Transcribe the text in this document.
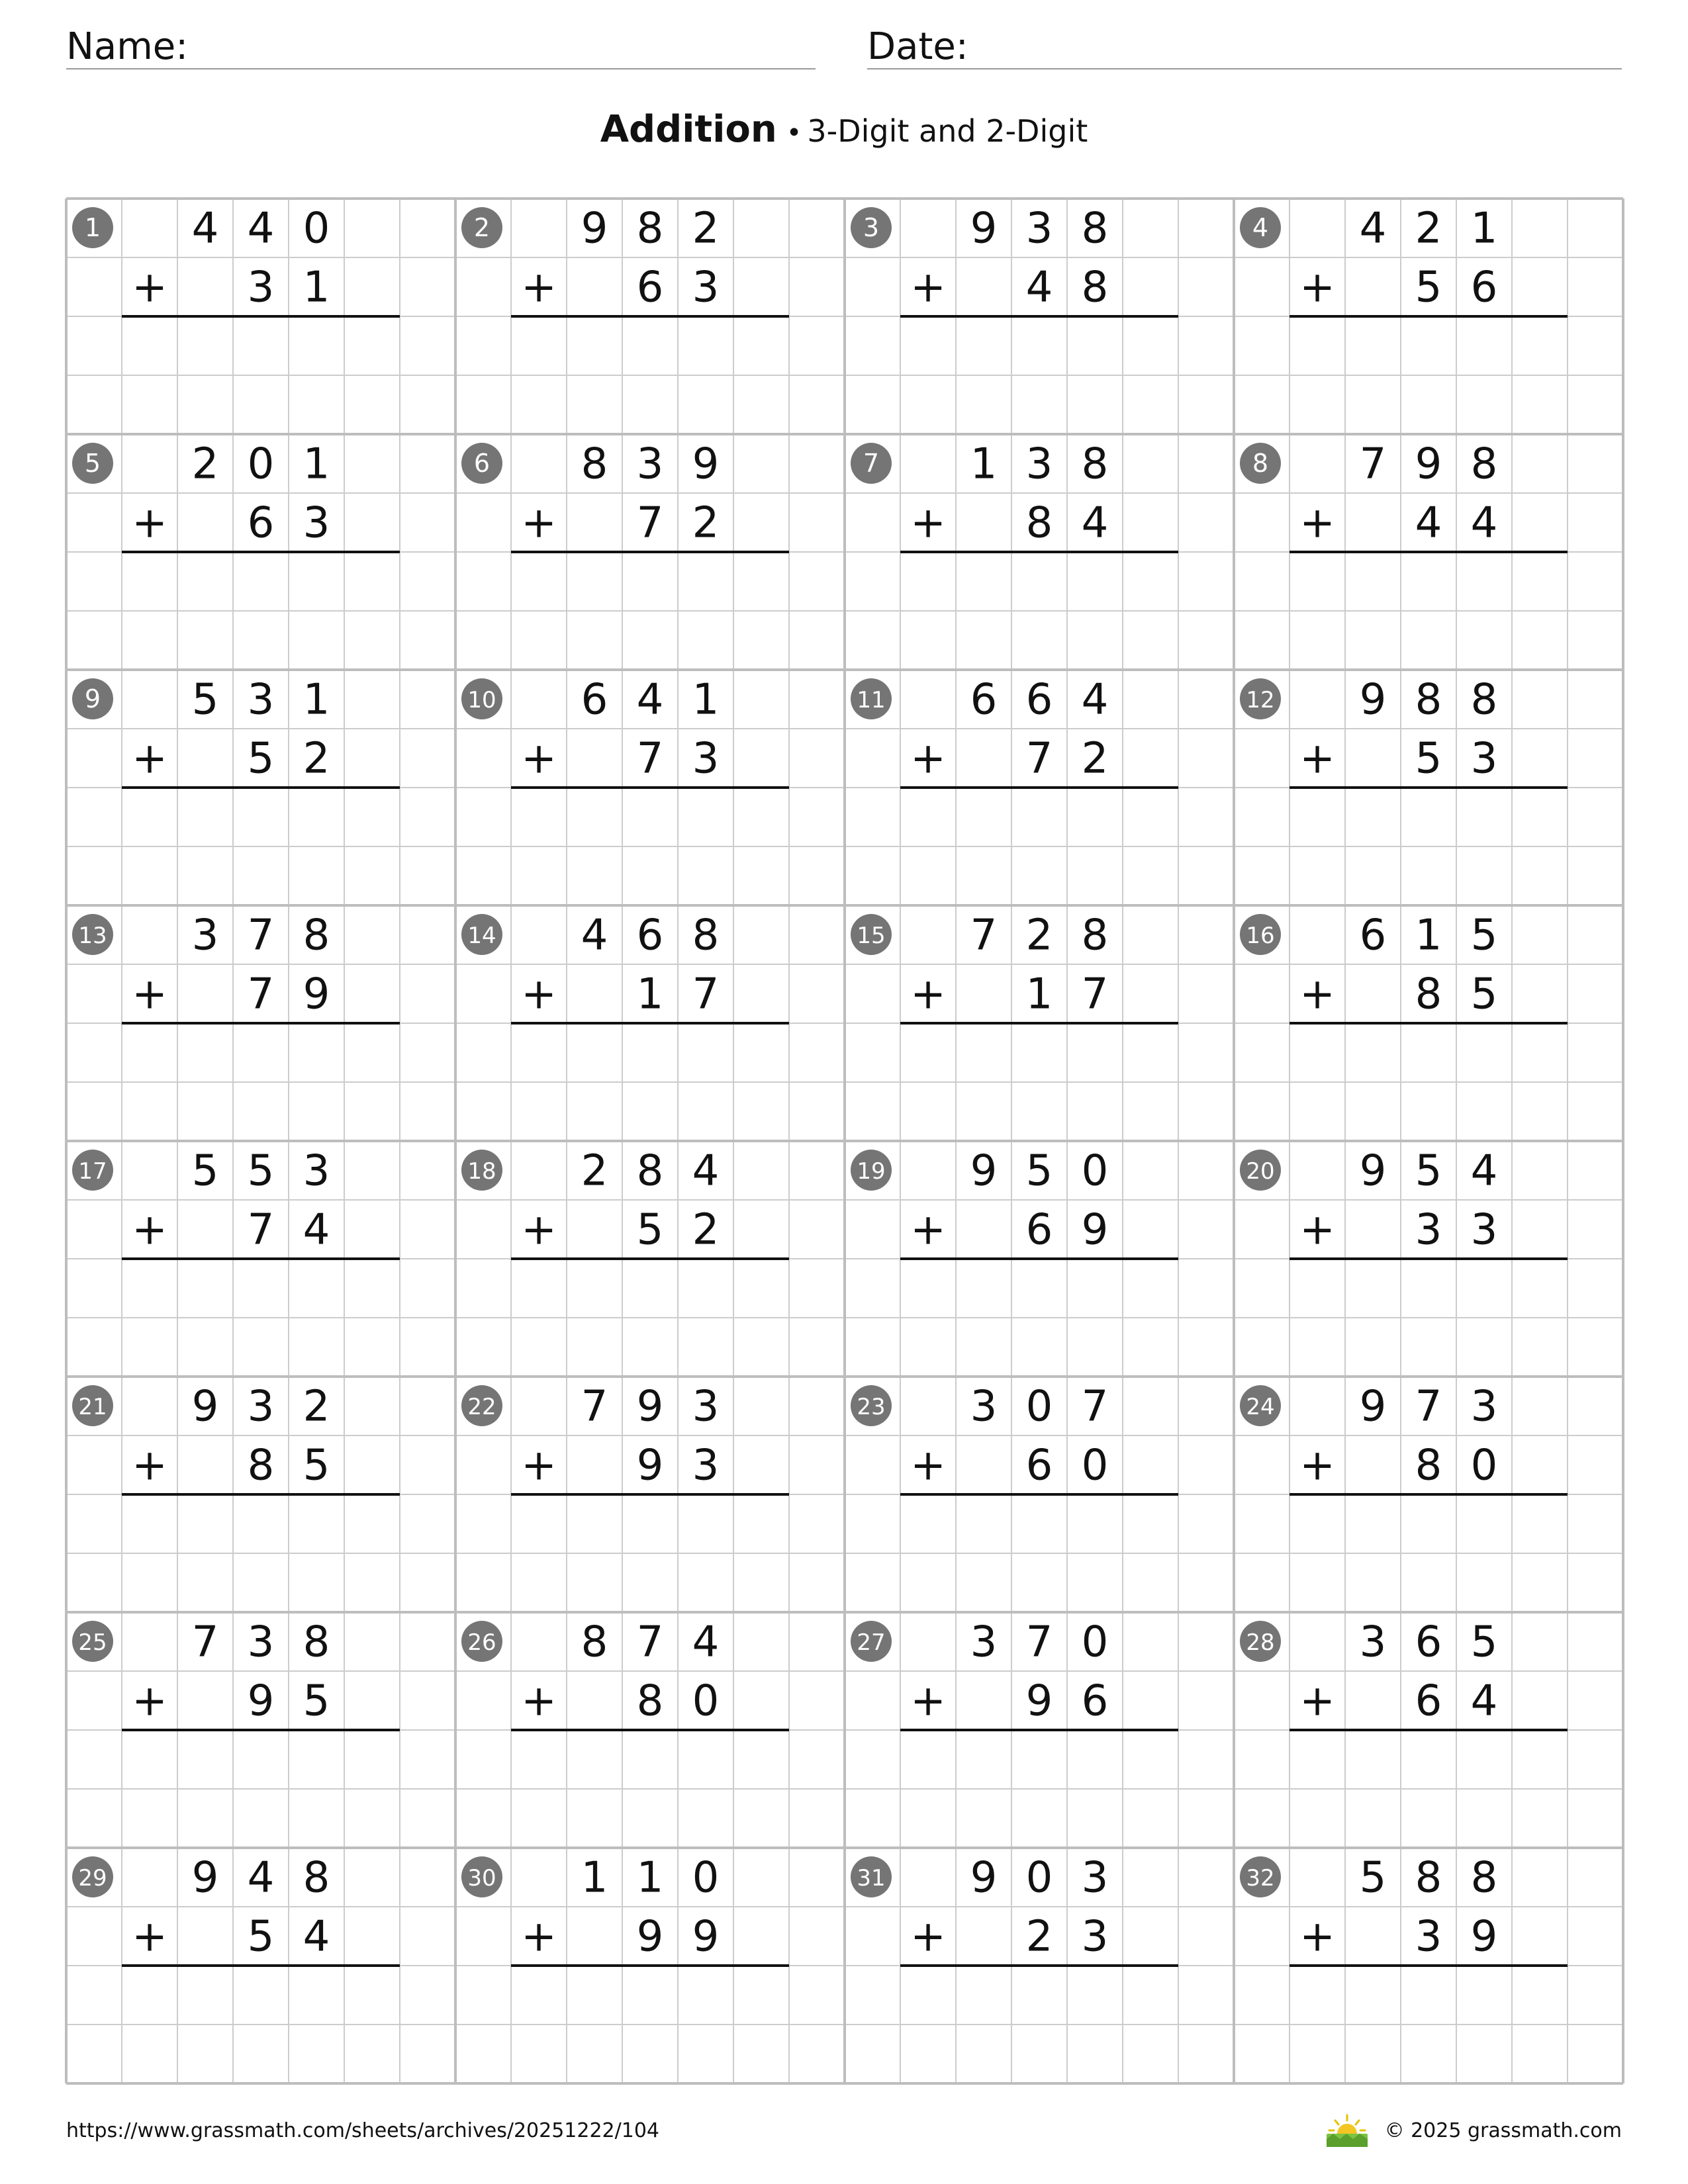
Name:	Date:
Addition • 3-Digit and 2-Digit
1 4 4 0
+ 3 1
2 9 8 2
+ 6 3
3 9 3 8
+ 4 8
4 4 2 1
+ 5 6
5 2 0 1
+ 6 3
6 8 3 9
+ 7 2
7 1 3 8
+ 8 4
8 7 9 8
+ 4 4
9 5 3 1
+ 5 2
10 6 4 1
+ 7 3
11 6 6 4
+ 7 2
12 9 8 8
+ 5 3
13 3 7 8
+ 7 9
14 4 6 8
+ 1 7
15 7 2 8
+ 1 7
16 6 1 5
+ 8 5
17 5 5 3
+ 7 4
18 2 8 4
+ 5 2
19 9 5 0
+ 6 9
20 9 5 4
+ 3 3
21 9 3 2
+ 8 5
22 7 9 3
+ 9 3
23 3 0 7
+ 6 0
24 9 7 3
+ 8 0
25 7 3 8
+ 9 5
26 8 7 4
+ 8 0
27 3 7 0
+ 9 6
28 3 6 5
+ 6 4
29 9 4 8
+ 5 4
30 1 1 0
+ 9 9
31 9 0 3
+ 2 3
32 5 8 8
+ 3 9
https://www.grassmath.com/sheets/archives/20251222/104	© 2025 grassmath.com
